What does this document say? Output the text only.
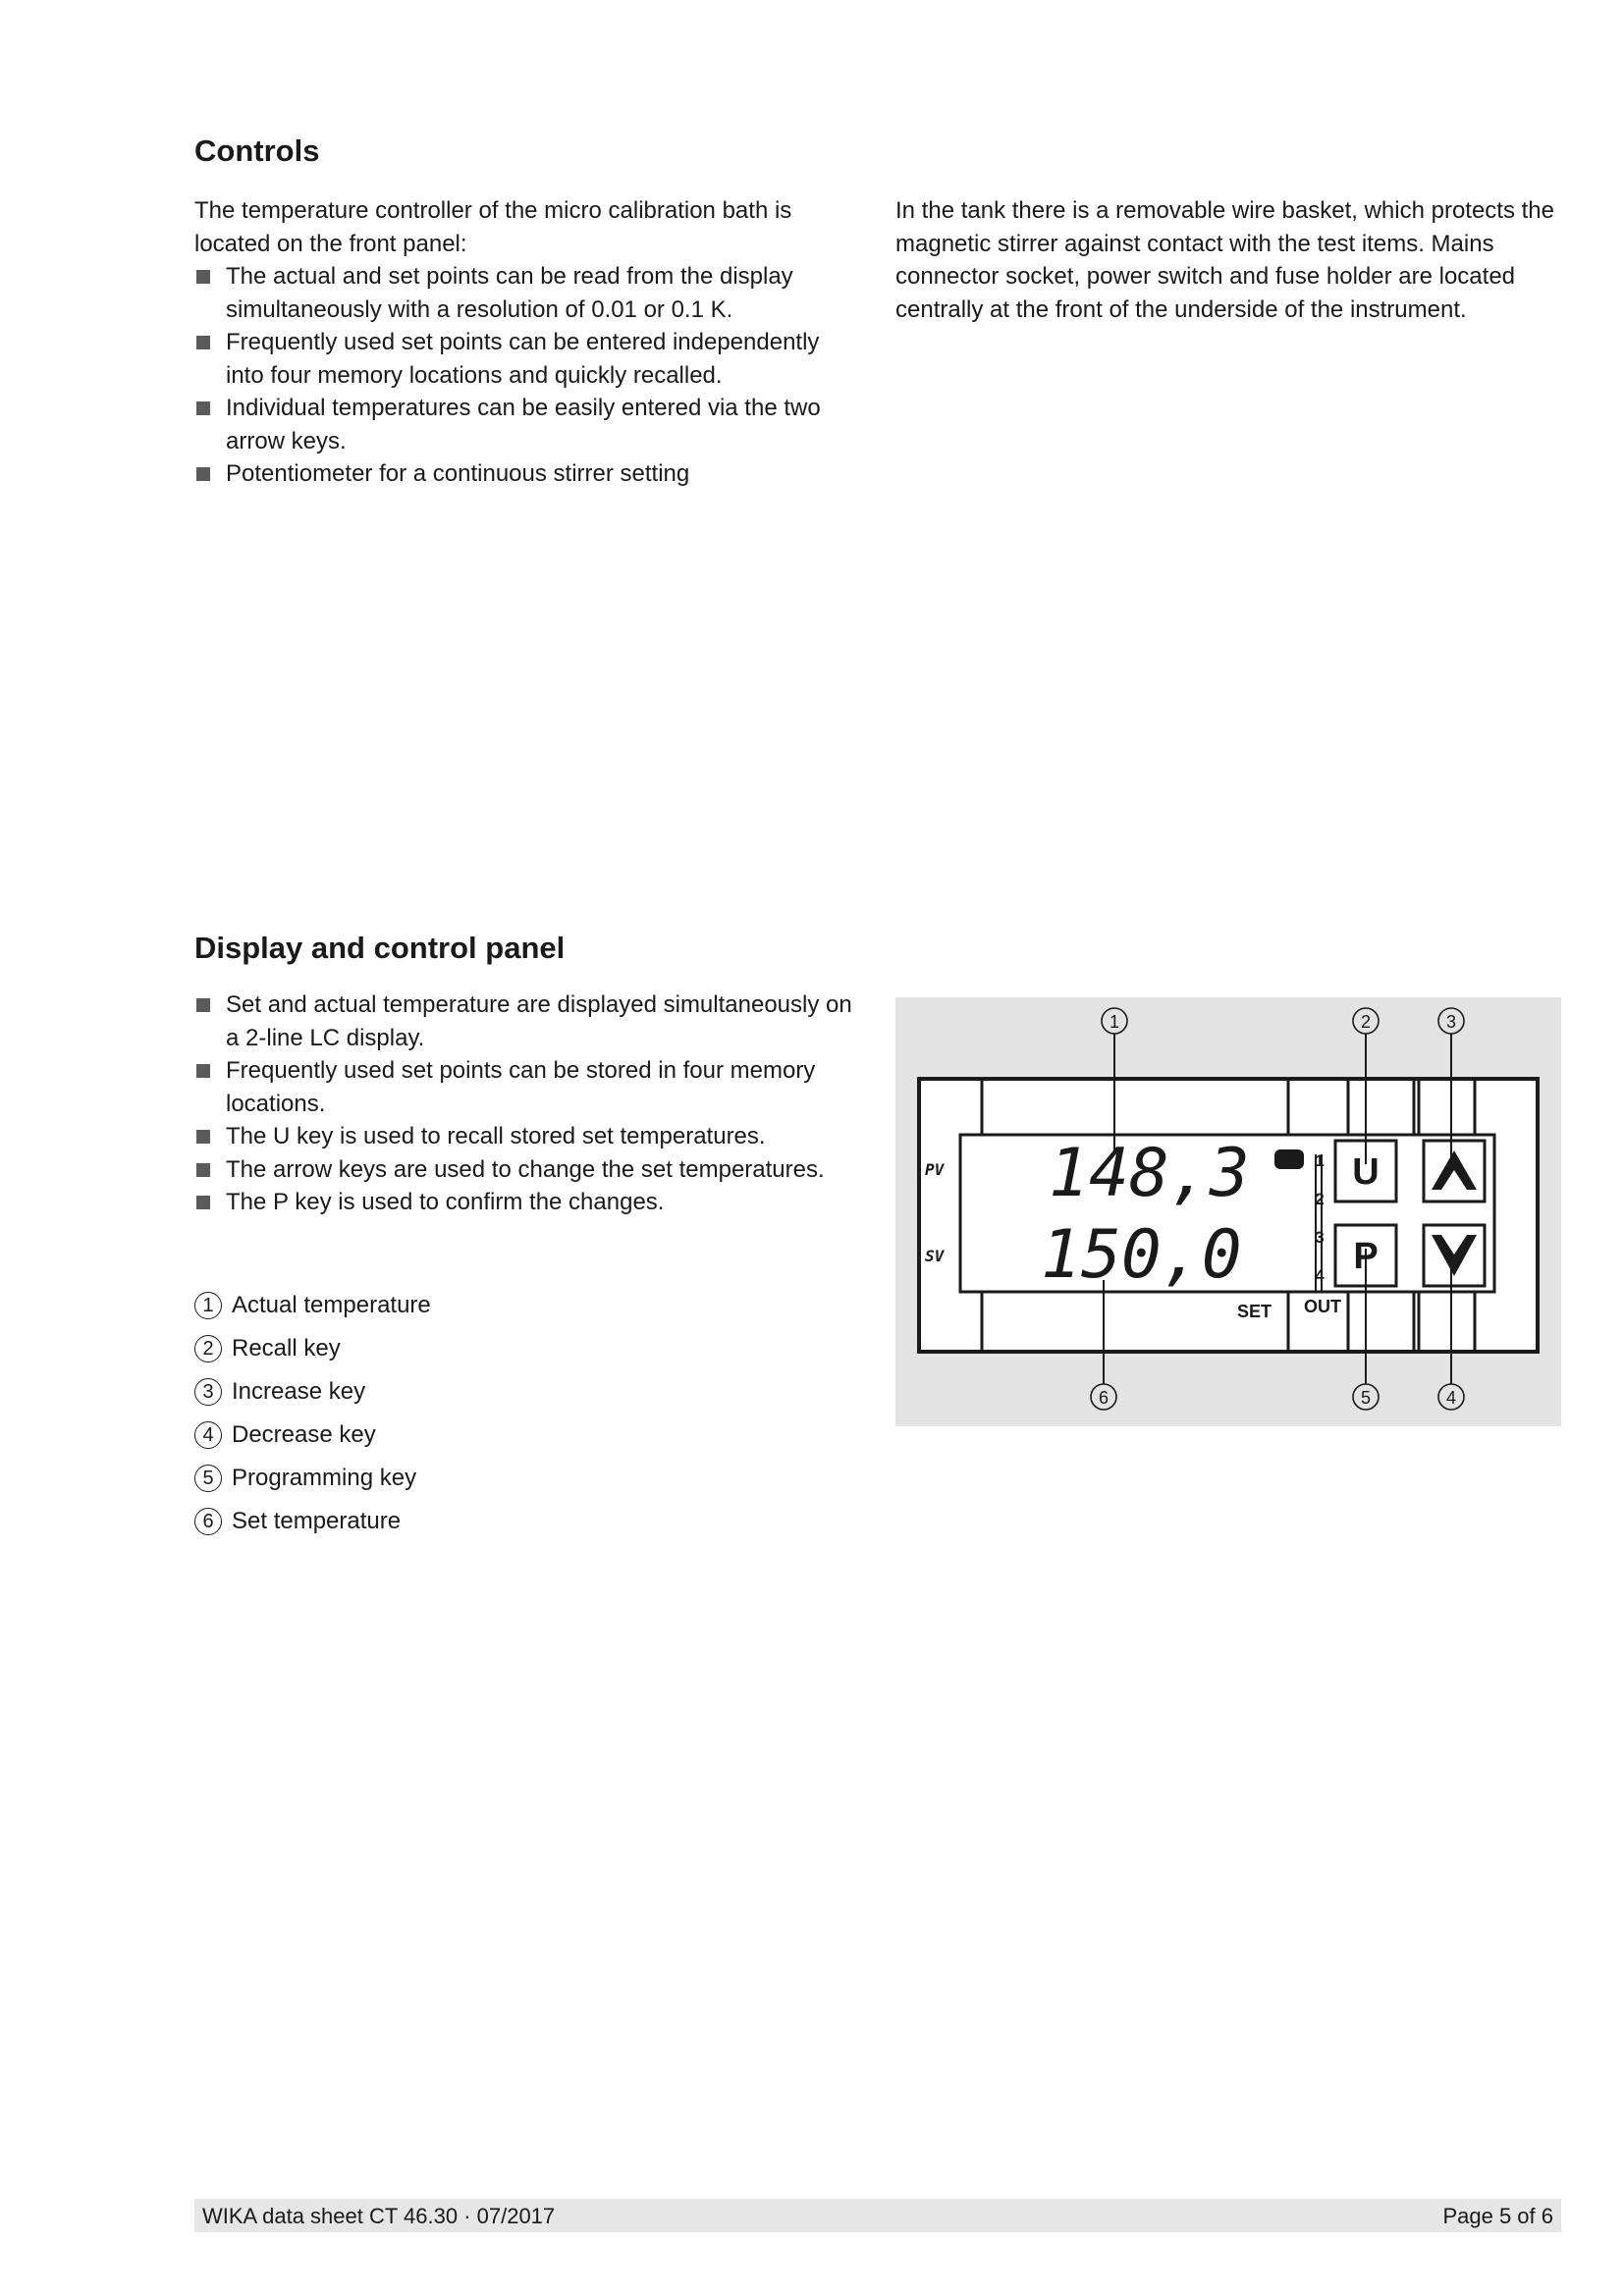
Controls

The temperature controller of the micro calibration bath is located on the front panel:

The actual and set points can be read from the display simultaneously with a resolution of 0.01 or 0.1 K.
Frequently used set points can be entered independently into four memory locations and quickly recalled.
Individual temperatures can be easily entered via the two arrow keys.
Potentiometer for a continuous stirrer setting

In the tank there is a removable wire basket, which protects the magnetic stirrer against contact with the test items. Mains connector socket, power switch and fuse holder are located centrally at the front of the underside of the instrument.

Display and control panel
Set and actual temperature are displayed simultaneously on a 2-line LC display.
Frequently used set points can be stored in four memory locations.
The U key is used to recall stored set temperatures.
The arrow keys are used to change the set temperatures.
The P key is used to confirm the changes.
1 Actual temperature
2 Recall key
3 Increase key
4 Decrease key
5 Programming key
6 Set temperature
PV
SV
148,3
150,0
SET OUT
1
2
3
4
U
P
1	2	3
4
5
6
WIKA data sheet CT 46.30 · 07/2017	Page 5 of 6
